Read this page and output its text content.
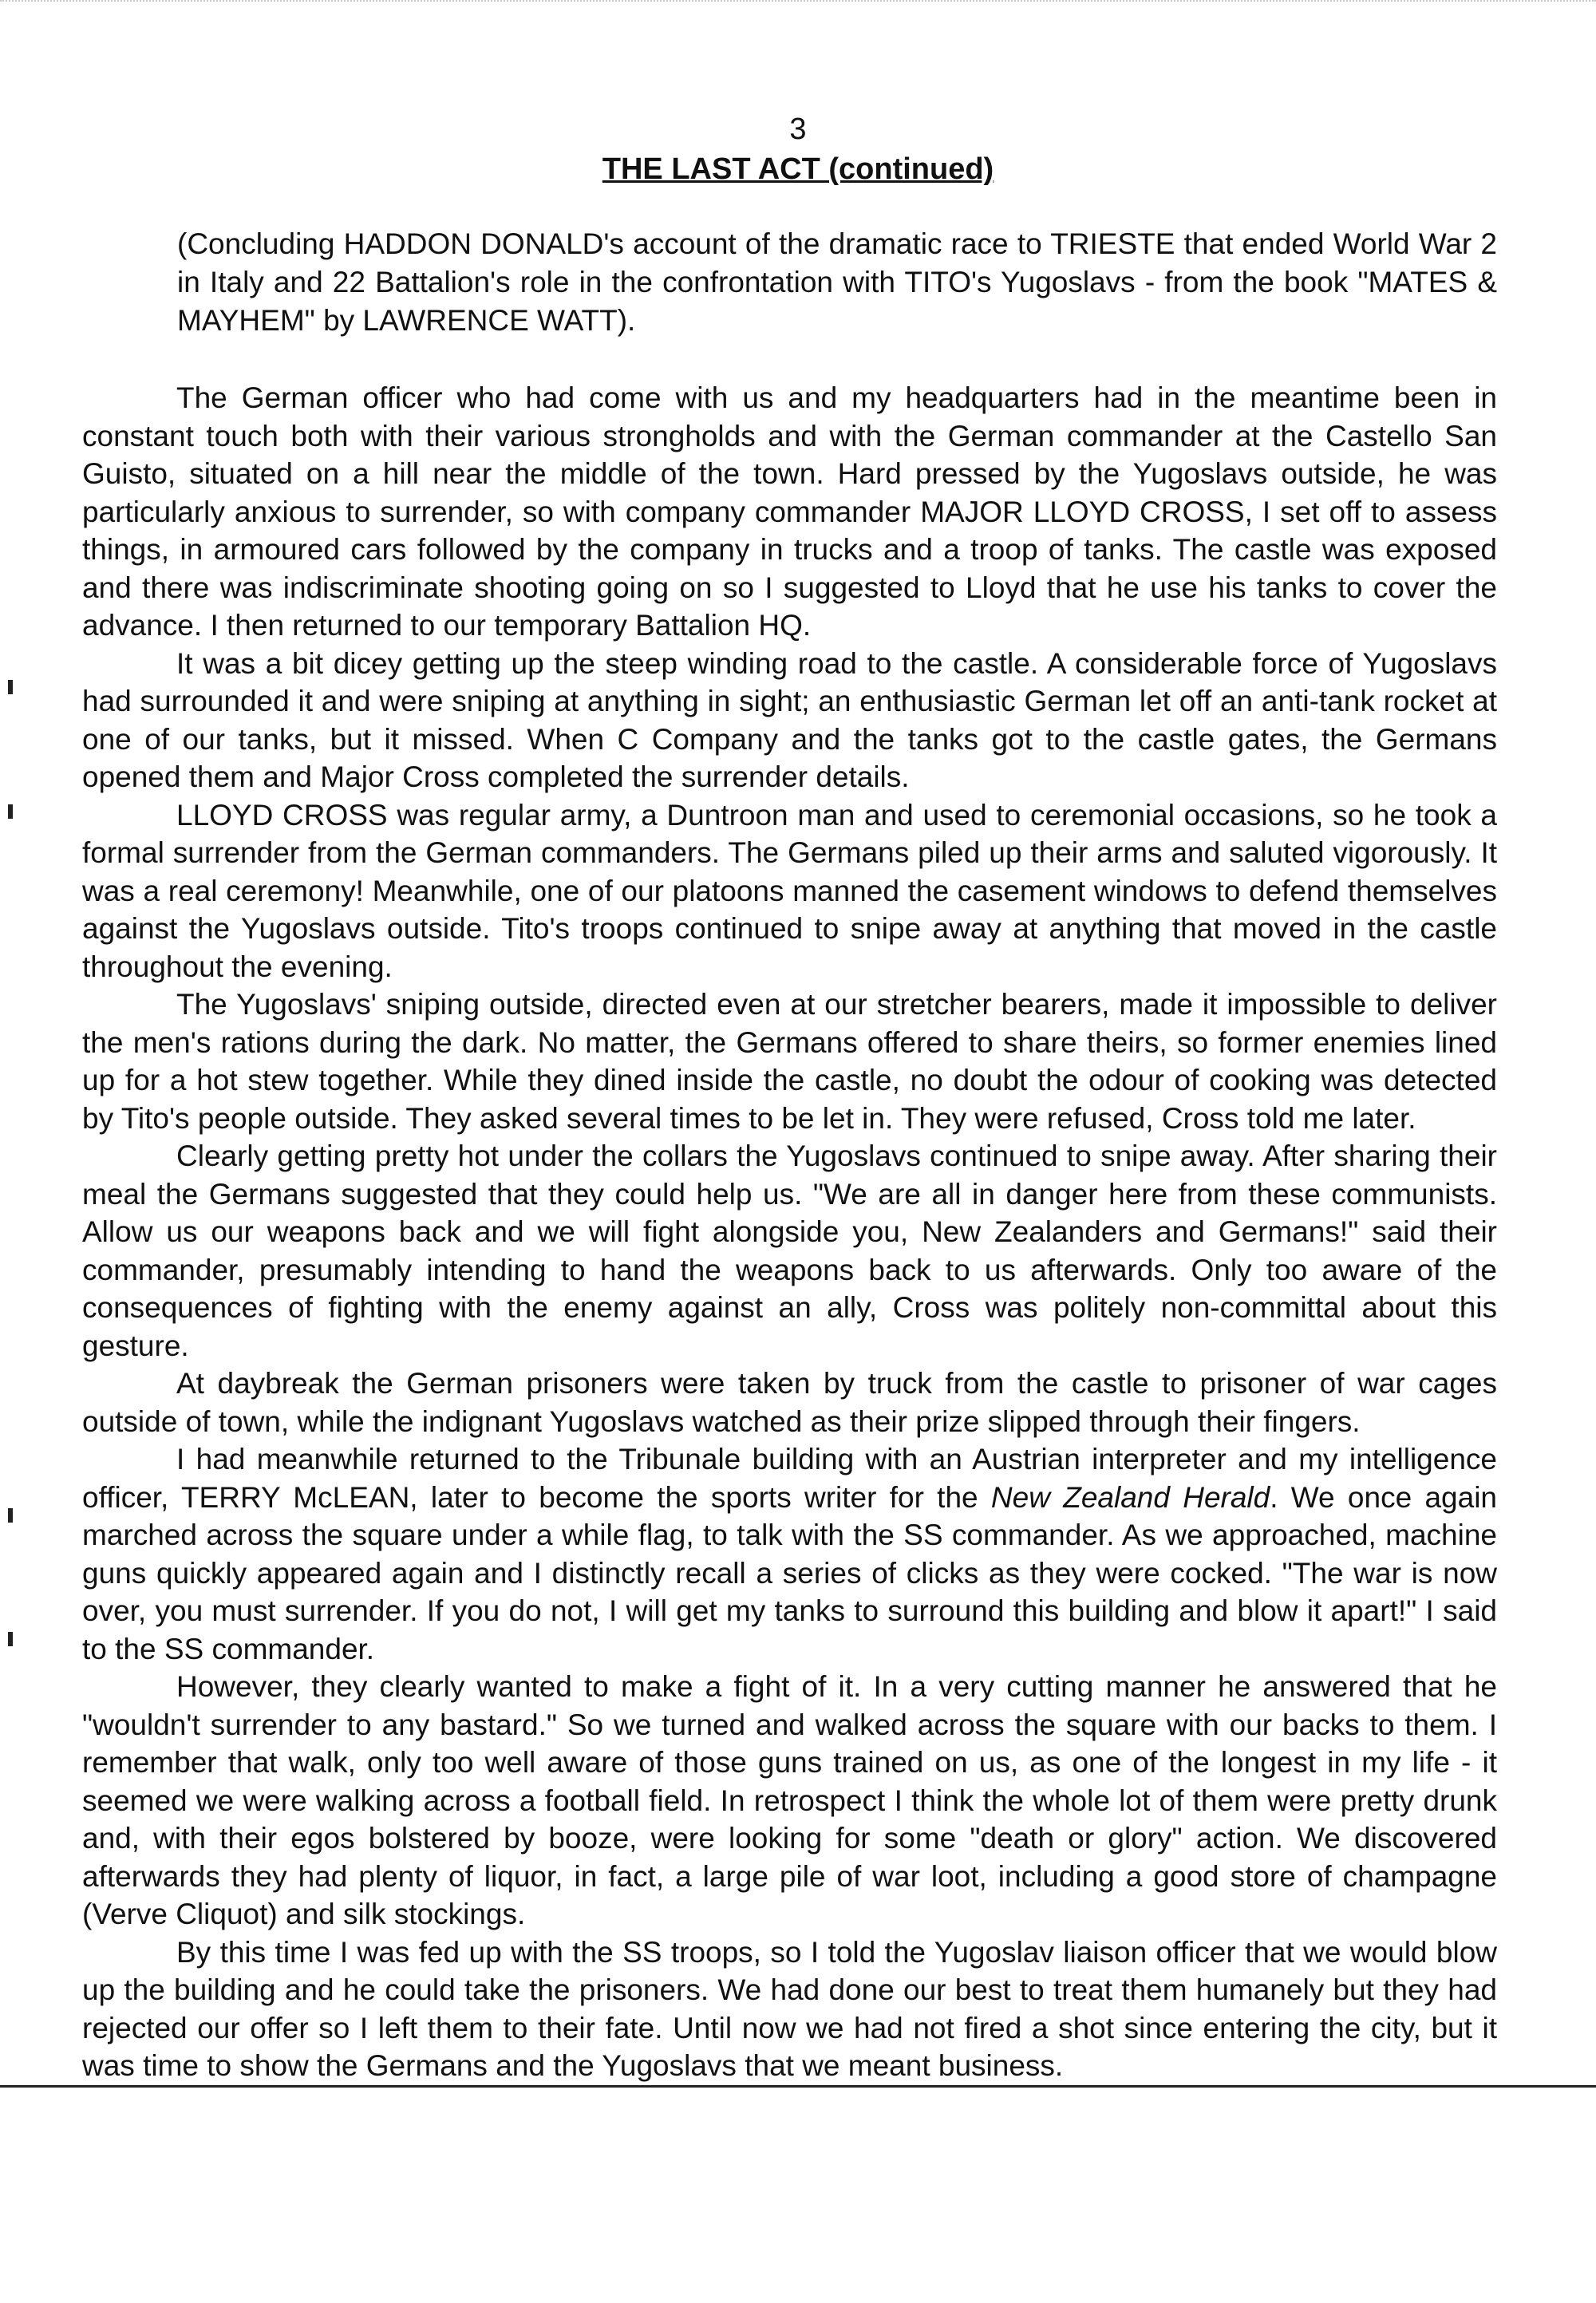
3
THE LAST ACT (continued)

(Concluding HADDON DONALD's account of the dramatic race to TRIESTE that ended World War 2 in Italy and 22 Battalion's role in the confrontation with TITO's Yugoslavs - from the book "MATES & MAYHEM" by LAWRENCE WATT).

The German officer who had come with us and my headquarters had in the meantime been in constant touch both with their various strongholds and with the German commander at the Castello San Guisto, situated on a hill near the middle of the town. Hard pressed by the Yugoslavs outside, he was particularly anxious to surrender, so with company commander MAJOR LLOYD CROSS, I set off to assess things, in armoured cars followed by the company in trucks and a troop of tanks. The castle was exposed and there was indiscriminate shooting going on so I suggested to Lloyd that he use his tanks to cover the advance. I then returned to our temporary Battalion HQ.

It was a bit dicey getting up the steep winding road to the castle. A considerable force of Yugoslavs had surrounded it and were sniping at anything in sight; an enthusiastic German let off an anti-tank rocket at one of our tanks, but it missed. When C Company and the tanks got to the castle gates, the Germans opened them and Major Cross completed the surrender details.

LLOYD CROSS was regular army, a Duntroon man and used to ceremonial occasions, so he took a formal surrender from the German commanders. The Germans piled up their arms and saluted vigorously. It was a real ceremony! Meanwhile, one of our platoons manned the casement windows to defend themselves against the Yugoslavs outside. Tito's troops continued to snipe away at anything that moved in the castle throughout the evening.

The Yugoslavs' sniping outside, directed even at our stretcher bearers, made it impossible to deliver the men's rations during the dark. No matter, the Germans offered to share theirs, so former enemies lined up for a hot stew together. While they dined inside the castle, no doubt the odour of cooking was detected by Tito's people outside. They asked several times to be let in. They were refused, Cross told me later.

Clearly getting pretty hot under the collars the Yugoslavs continued to snipe away. After sharing their meal the Germans suggested that they could help us. "We are all in danger here from these communists. Allow us our weapons back and we will fight alongside you, New Zealanders and Germans!" said their commander, presumably intending to hand the weapons back to us afterwards. Only too aware of the consequences of fighting with the enemy against an ally, Cross was politely non-committal about this gesture.

At daybreak the German prisoners were taken by truck from the castle to prisoner of war cages outside of town, while the indignant Yugoslavs watched as their prize slipped through their fingers.

I had meanwhile returned to the Tribunale building with an Austrian interpreter and my intelligence officer, TERRY McLEAN, later to become the sports writer for the New Zealand Herald. We once again marched across the square under a while flag, to talk with the SS commander. As we approached, machine guns quickly appeared again and I distinctly recall a series of clicks as they were cocked. "The war is now over, you must surrender. If you do not, I will get my tanks to surround this building and blow it apart!" I said to the SS commander.

However, they clearly wanted to make a fight of it. In a very cutting manner he answered that he "wouldn't surrender to any bastard." So we turned and walked across the square with our backs to them. I remember that walk, only too well aware of those guns trained on us, as one of the longest in my life - it seemed we were walking across a football field. In retrospect I think the whole lot of them were pretty drunk and, with their egos bolstered by booze, were looking for some "death or glory" action. We discovered afterwards they had plenty of liquor, in fact, a large pile of war loot, including a good store of champagne (Verve Cliquot) and silk stockings.

By this time I was fed up with the SS troops, so I told the Yugoslav liaison officer that we would blow up the building and he could take the prisoners. We had done our best to treat them humanely but they had rejected our offer so I left them to their fate. Until now we had not fired a shot since entering the city, but it was time to show the Germans and the Yugoslavs that we meant business.
